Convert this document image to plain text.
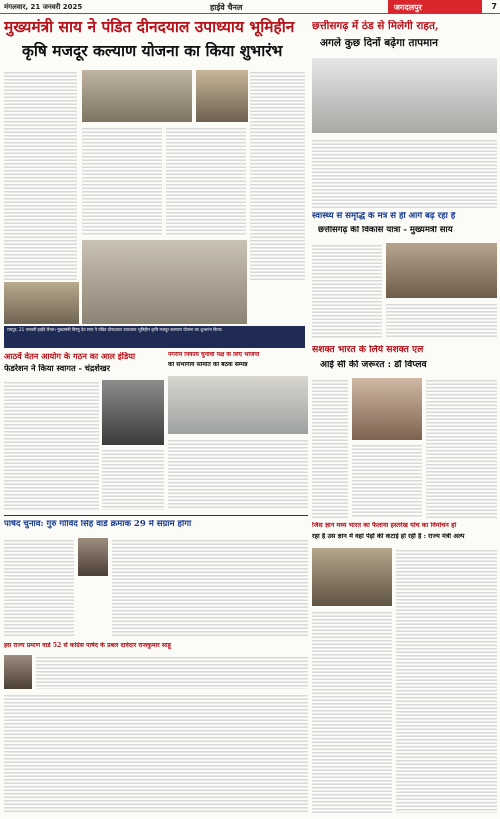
मंगलवार, 21 जनवरी 2025	हाईवे चैनल	जगदलपुर	7
मुख्यमंत्री साय ने पंडित दीनदयाल उपाध्याय भूमिहीन
कृषि मजदूर कल्याण योजना का किया शुभारंभ
रायपुर, 21 जनवरी हाईवे चैनल। मुख्यमंत्री विष्णु देव साय ने पंडित दीनदयाल उपाध्याय भूमिहीन कृषि मजदूर कल्याण योजना का शुभारंभ किया।
छत्तीसगढ़ में ठंड से मिलेगी राहत,
अगले कुछ दिनों बढ़ेगा तापमान
स्वास्थ्य से समृद्धि के मंत्र से ही आगे बढ़ रहा है
छत्तीसगढ़ की विकास यात्रा - मुख्यमंत्री साय
आठवें वेतन आयोग के गठन का आल इंडिया
फेडरेशन ने किया स्वागत - चंद्रशेखर
नगरीय निकाय चुनावों पक्ष के लिए भाजपा
की संभागीय समिति की बैठक सम्पन्न
सशक्त भारत के लिये सशक्त एल
आई सी की जरूरत : डॉ विप्लव
पार्षद चुनाव: गुरु गोविंद सिंह वार्ड क्रमांक 29 में संग्राम होगा
इस राज्य प्रमाण वार्ड 52 से कांग्रेस पार्षद के प्रबल दावेदार राजकुमार साहू
जिस ज्ञान मध्य भारत का फैलाया हस्तरेख यांच का विमोचन हो
रहा है उस ज्ञान में वहां पेड़ों की कटाई हो रही है : राज्य मंत्री अल्प
